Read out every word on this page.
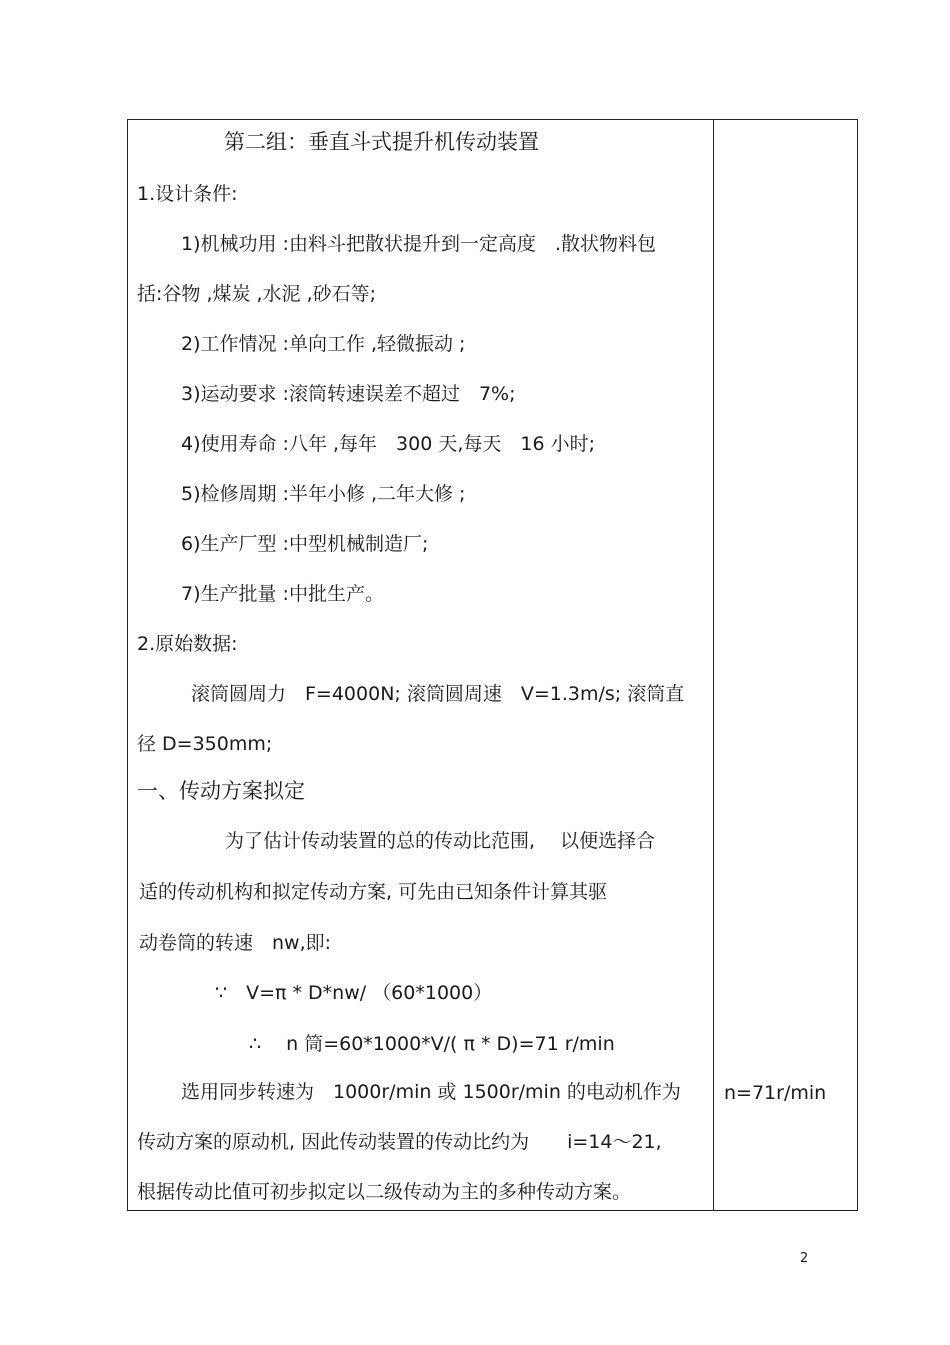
第二组：垂直斗式提升机传动装置
1.设计条件:
1)机械功用 :由料斗把散状提升到一定高度　.散状物料包
括:谷物 ,煤炭 ,水泥 ,砂石等;
2)工作情况 :单向工作 ,轻微振动 ;
3)运动要求 :滚筒转速误差不超过　7%;
4)使用寿命 :八年 ,每年　300 天,每天　16 小时;
5)检修周期 :半年小修 ,二年大修 ;
6)生产厂型 :中型机械制造厂;
7)生产批量 :中批生产。
2.原始数据:
滚筒圆周力　F=4000N; 滚筒圆周速　V=1.3m/s; 滚筒直
径 D=350mm;
一、传动方案拟定
为了估计传动装置的总的传动比范围,　 以便选择合
适的传动机构和拟定传动方案, 可先由已知条件计算其驱
动卷筒的转速　nw,即:
∵　V=π * D*nw/ （60*1000）
∴　 n 筒=60*1000*V/( π * D)=71 r/min
选用同步转速为　1000r/min 或 1500r/min 的电动机作为
传动方案的原动机, 因此传动装置的传动比约为　　i=14～21,
根据传动比值可初步拟定以二级传动为主的多种传动方案。
n=71r/min
2
